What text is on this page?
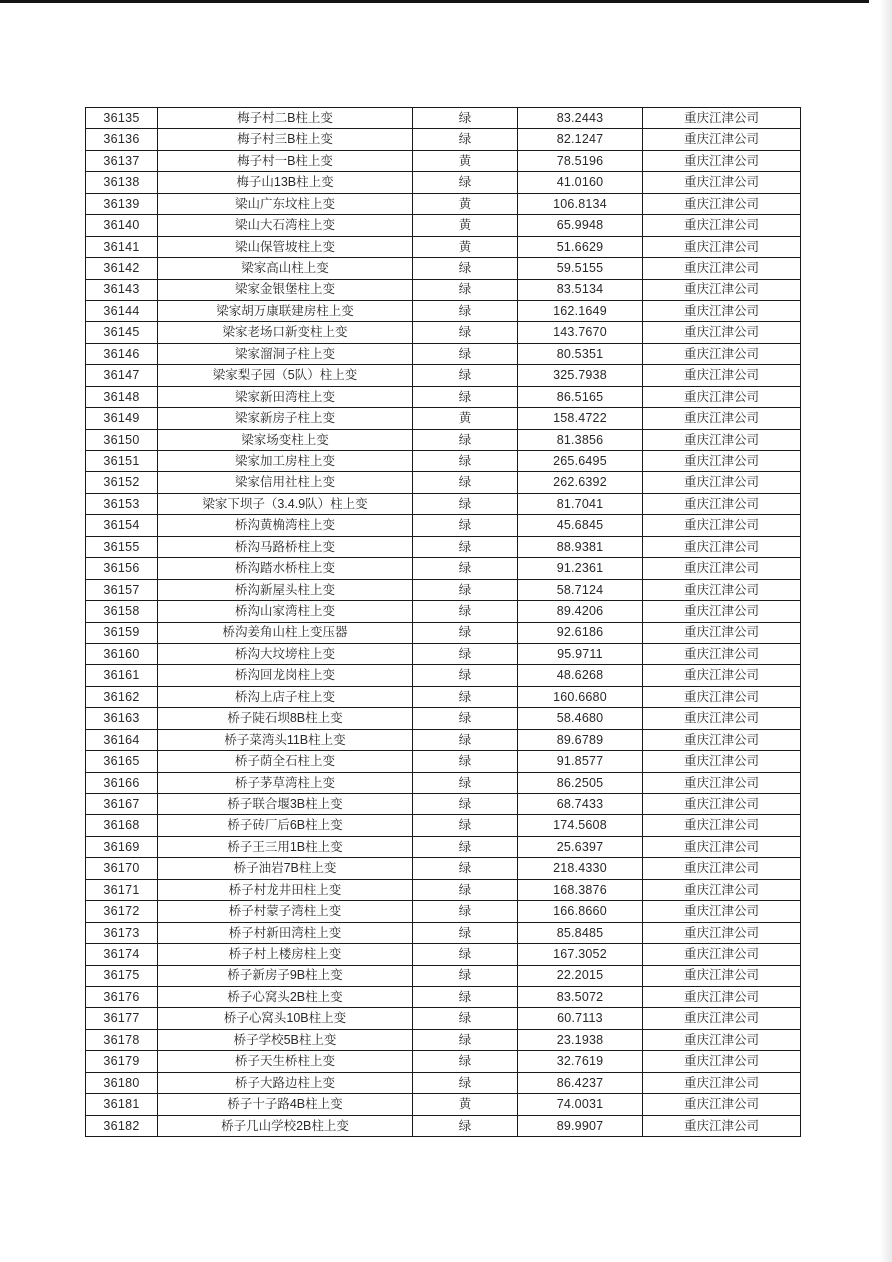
36135	梅子村二B柱上变	绿	83.2443	重庆江津公司
36136	梅子村三B柱上变	绿	82.1247	重庆江津公司
36137	梅子村一B柱上变	黄	78.5196	重庆江津公司
36138	梅子山13B柱上变	绿	41.0160	重庆江津公司
36139	梁山广东坟柱上变	黄	106.8134	重庆江津公司
36140	梁山大石湾柱上变	黄	65.9948	重庆江津公司
36141	梁山保管坡柱上变	黄	51.6629	重庆江津公司
36142	梁家高山柱上变	绿	59.5155	重庆江津公司
36143	梁家金银堡柱上变	绿	83.5134	重庆江津公司
36144	梁家胡万康联建房柱上变	绿	162.1649	重庆江津公司
36145	梁家老场口新变柱上变	绿	143.7670	重庆江津公司
36146	梁家溜洞子柱上变	绿	80.5351	重庆江津公司
36147	梁家梨子园（5队）柱上变	绿	325.7938	重庆江津公司
36148	梁家新田湾柱上变	绿	86.5165	重庆江津公司
36149	梁家新房子柱上变	黄	158.4722	重庆江津公司
36150	梁家场变柱上变	绿	81.3856	重庆江津公司
36151	梁家加工房柱上变	绿	265.6495	重庆江津公司
36152	梁家信用社柱上变	绿	262.6392	重庆江津公司
36153	梁家下坝子（3.4.9队）柱上变	绿	81.7041	重庆江津公司
36154	桥沟黄桷湾柱上变	绿	45.6845	重庆江津公司
36155	桥沟马路桥柱上变	绿	88.9381	重庆江津公司
36156	桥沟踏水桥柱上变	绿	91.2361	重庆江津公司
36157	桥沟新屋头柱上变	绿	58.7124	重庆江津公司
36158	桥沟山家湾柱上变	绿	89.4206	重庆江津公司
36159	桥沟姜角山柱上变压器	绿	92.6186	重庆江津公司
36160	桥沟大坟塝柱上变	绿	95.9711	重庆江津公司
36161	桥沟回龙岗柱上变	绿	48.6268	重庆江津公司
36162	桥沟上店子柱上变	绿	160.6680	重庆江津公司
36163	桥子陡石坝8B柱上变	绿	58.4680	重庆江津公司
36164	桥子菜湾头11B柱上变	绿	89.6789	重庆江津公司
36165	桥子荫全石柱上变	绿	91.8577	重庆江津公司
36166	桥子茅草湾柱上变	绿	86.2505	重庆江津公司
36167	桥子联合堰3B柱上变	绿	68.7433	重庆江津公司
36168	桥子砖厂后6B柱上变	绿	174.5608	重庆江津公司
36169	桥子王三用1B柱上变	绿	25.6397	重庆江津公司
36170	桥子油岩7B柱上变	绿	218.4330	重庆江津公司
36171	桥子村龙井田柱上变	绿	168.3876	重庆江津公司
36172	桥子村蒙子湾柱上变	绿	166.8660	重庆江津公司
36173	桥子村新田湾柱上变	绿	85.8485	重庆江津公司
36174	桥子村上楼房柱上变	绿	167.3052	重庆江津公司
36175	桥子新房子9B柱上变	绿	22.2015	重庆江津公司
36176	桥子心窝头2B柱上变	绿	83.5072	重庆江津公司
36177	桥子心窝头10B柱上变	绿	60.7113	重庆江津公司
36178	桥子学校5B柱上变	绿	23.1938	重庆江津公司
36179	桥子天生桥柱上变	绿	32.7619	重庆江津公司
36180	桥子大路边柱上变	绿	86.4237	重庆江津公司
36181	桥子十子路4B柱上变	黄	74.0031	重庆江津公司
36182	桥子几山学校2B柱上变	绿	89.9907	重庆江津公司
